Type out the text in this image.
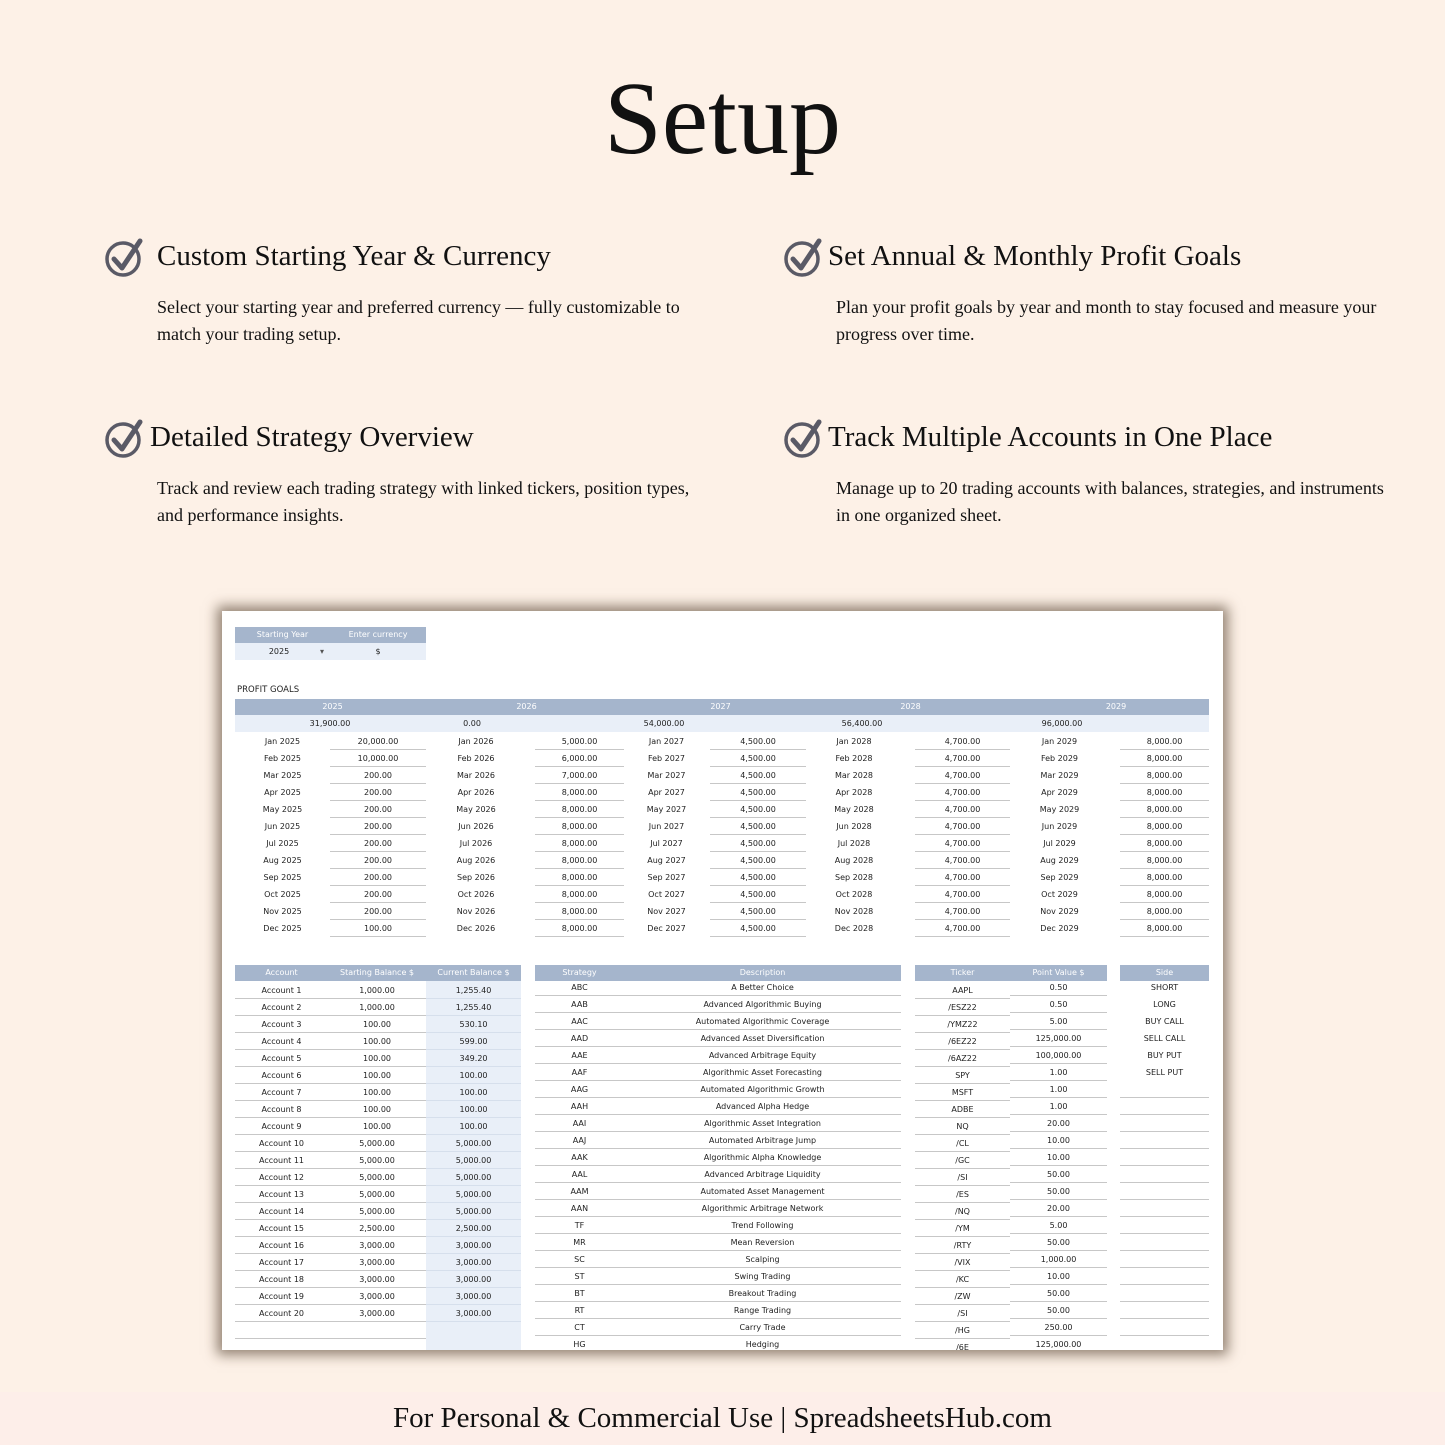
Setup
Custom Starting Year & Currency

Select your starting year and preferred currency — fully customizable to match your trading setup.

Set Annual & Monthly Profit Goals

Plan your profit goals by year and month to stay focused and measure your progress over time.

Detailed Strategy Overview

Track and review each trading strategy with linked tickers, position types, and performance insights.

Track Multiple Accounts in One Place

Manage up to 20 trading accounts with balances, strategies, and instruments in one organized sheet.

Starting Year	Enter currency
2025	▾	$
PROFIT GOALS
2025
31,900.00
Jan 2025	20,000.00
Feb 2025	10,000.00
Mar 2025	200.00
Apr 2025	200.00
May 2025	200.00
Jun 2025	200.00
Jul 2025	200.00
Aug 2025	200.00
Sep 2025	200.00
Oct 2025	200.00
Nov 2025	200.00
Dec 2025	100.00
2026
0.00
Jan 2026	5,000.00
Feb 2026	6,000.00
Mar 2026	7,000.00
Apr 2026	8,000.00
May 2026	8,000.00
Jun 2026	8,000.00
Jul 2026	8,000.00
Aug 2026	8,000.00
Sep 2026	8,000.00
Oct 2026	8,000.00
Nov 2026	8,000.00
Dec 2026	8,000.00
2027
54,000.00
Jan 2027	4,500.00
Feb 2027	4,500.00
Mar 2027	4,500.00
Apr 2027	4,500.00
May 2027	4,500.00
Jun 2027	4,500.00
Jul 2027	4,500.00
Aug 2027	4,500.00
Sep 2027	4,500.00
Oct 2027	4,500.00
Nov 2027	4,500.00
Dec 2027	4,500.00
2028
56,400.00
Jan 2028	4,700.00
Feb 2028	4,700.00
Mar 2028	4,700.00
Apr 2028	4,700.00
May 2028	4,700.00
Jun 2028	4,700.00
Jul 2028	4,700.00
Aug 2028	4,700.00
Sep 2028	4,700.00
Oct 2028	4,700.00
Nov 2028	4,700.00
Dec 2028	4,700.00
2029
96,000.00
Jan 2029	8,000.00
Feb 2029	8,000.00
Mar 2029	8,000.00
Apr 2029	8,000.00
May 2029	8,000.00
Jun 2029	8,000.00
Jul 2029	8,000.00
Aug 2029	8,000.00
Sep 2029	8,000.00
Oct 2029	8,000.00
Nov 2029	8,000.00
Dec 2029	8,000.00
Account	Starting Balance $	Current Balance $
Account 1	1,000.00	1,255.40
Account 2	1,000.00	1,255.40
Account 3	100.00	530.10
Account 4	100.00	599.00
Account 5	100.00	349.20
Account 6	100.00	100.00
Account 7	100.00	100.00
Account 8	100.00	100.00
Account 9	100.00	100.00
Account 10	5,000.00	5,000.00
Account 11	5,000.00	5,000.00
Account 12	5,000.00	5,000.00
Account 13	5,000.00	5,000.00
Account 14	5,000.00	5,000.00
Account 15	2,500.00	2,500.00
Account 16	3,000.00	3,000.00
Account 17	3,000.00	3,000.00
Account 18	3,000.00	3,000.00
Account 19	3,000.00	3,000.00
Account 20	3,000.00	3,000.00
Strategy	Description
ABC	A Better Choice
AAB	Advanced Algorithmic Buying
AAC	Automated Algorithmic Coverage
AAD	Advanced Asset Diversification
AAE	Advanced Arbitrage Equity
AAF	Algorithmic Asset Forecasting
AAG	Automated Algorithmic Growth
AAH	Advanced Alpha Hedge
AAI	Algorithmic Asset Integration
AAJ	Automated Arbitrage Jump
AAK	Algorithmic Alpha Knowledge
AAL	Advanced Arbitrage Liquidity
AAM	Automated Asset Management
AAN	Algorithmic Arbitrage Network
TF	Trend Following
MR	Mean Reversion
SC	Scalping
ST	Swing Trading
BT	Breakout Trading
RT	Range Trading
CT	Carry Trade
HG	Hedging
Ticker	Point Value $
AAPL	0.50
/ESZ22	0.50
/YMZ22	5.00
/6EZ22	125,000.00
/6AZ22	100,000.00
SPY	1.00
MSFT	1.00
ADBE	1.00
NQ	20.00
/CL	10.00
/GC	10.00
/SI	50.00
/ES	50.00
/NQ	20.00
/YM	5.00
/RTY	50.00
/VIX	1,000.00
/KC	10.00
/ZW	50.00
/SI	50.00
/HG	250.00
/6E	125,000.00
Side
SHORT
LONG
BUY CALL
SELL CALL
BUY PUT
SELL PUT
For Personal & Commercial Use | SpreadsheetsHub.com
